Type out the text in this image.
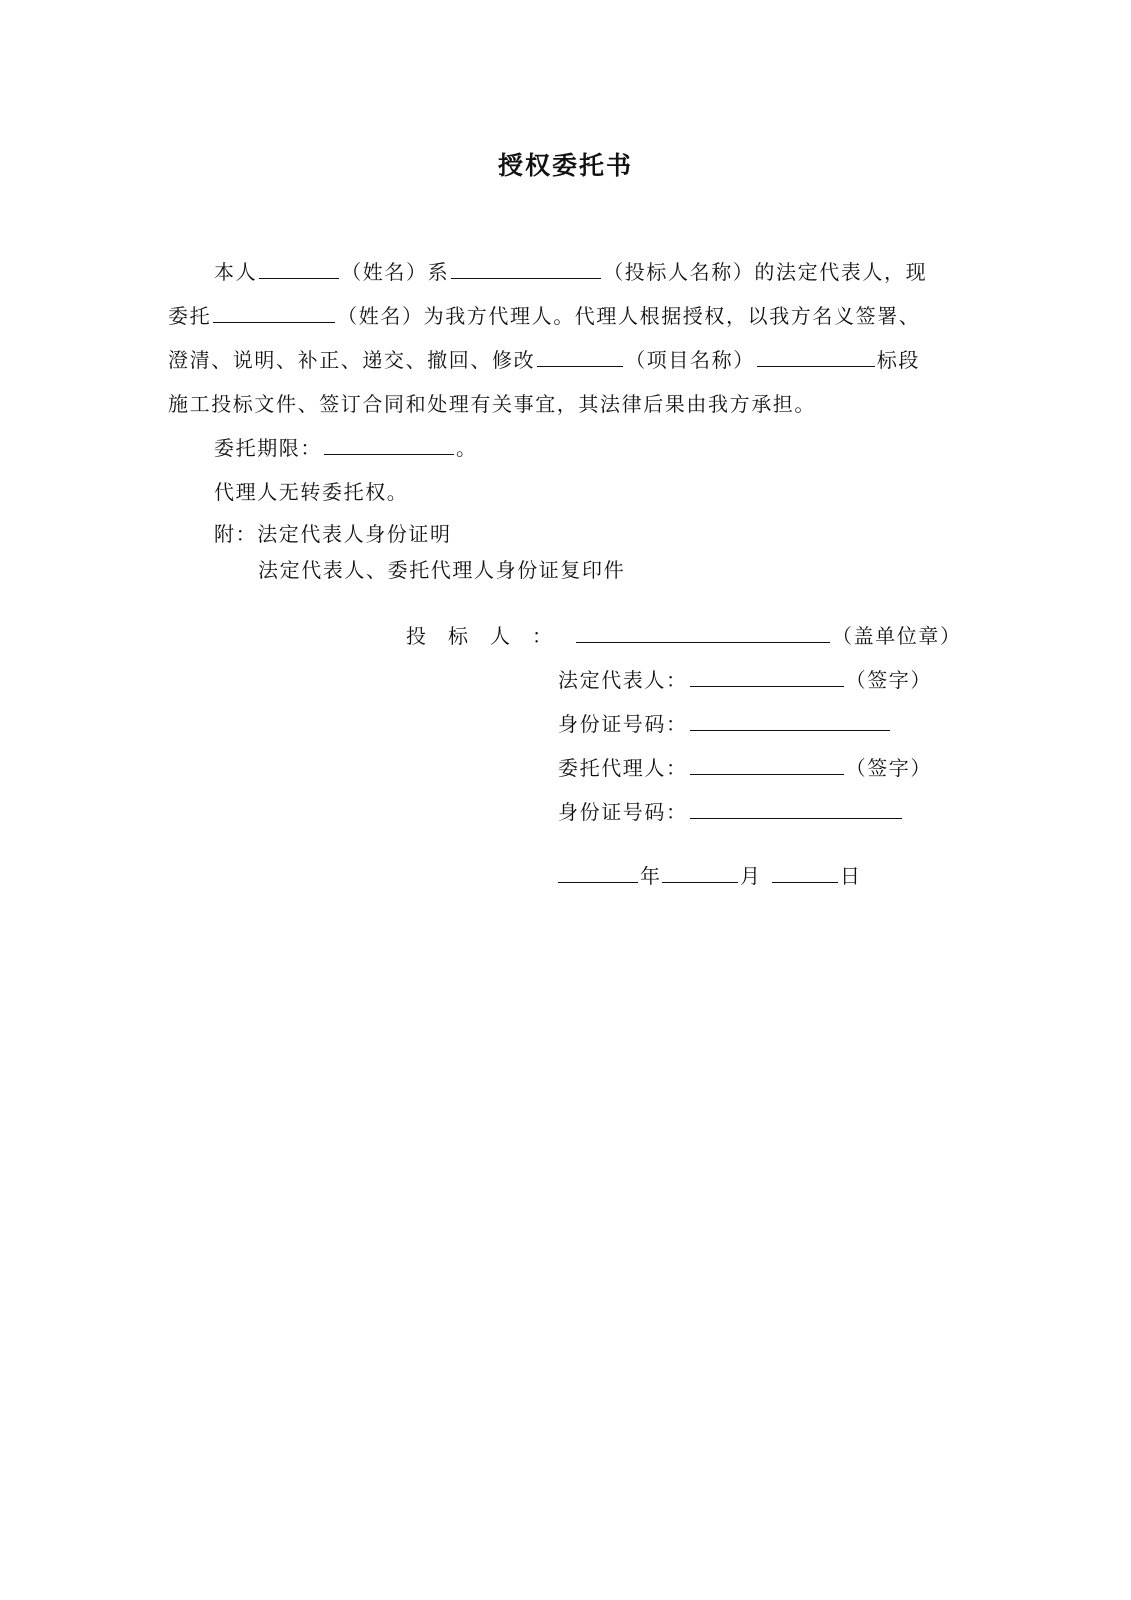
授权委托书
本人	（姓名）系	（投标人名称）的法定代表人，现
委托	（姓名）为我方代理人。代理人根据授权，以我方名义签署、
澄清、说明、补正、递交、撤回、修改	（项目名称）	标段
施工投标文件、签订合同和处理有关事宜，其法律后果由我方承担。
委托期限：	。
代理人无转委托权。
附：法定代表人身份证明
法定代表人、委托代理人身份证复印件
投标人：	（盖单位章）
法定代表人：	（签字）
身份证号码：
委托代理人：	（签字）
身份证号码：
年	月	日
